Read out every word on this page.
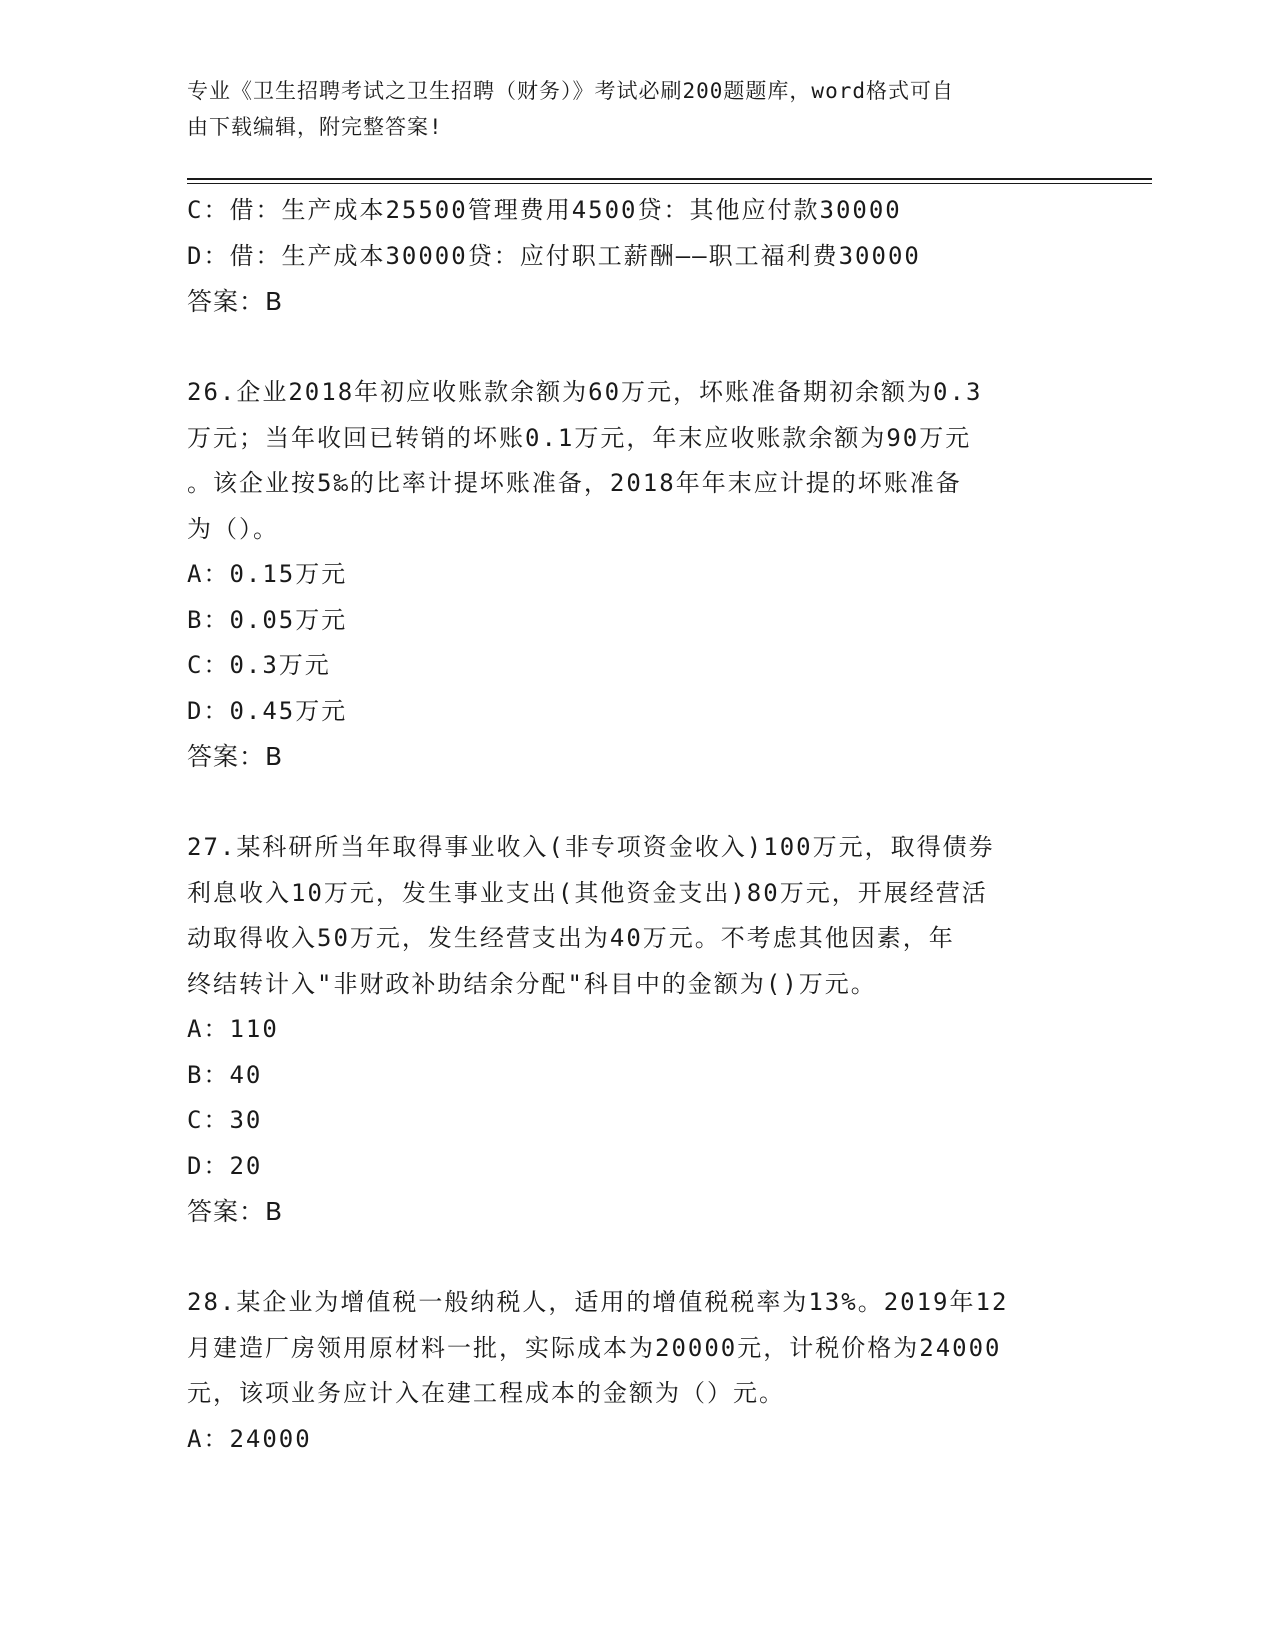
专业《卫生招聘考试之卫生招聘（财务）》考试必刷200题题库，word格式可自
由下载编辑，附完整答案!
C：借：生产成本25500管理费用4500贷：其他应付款30000
D：借：生产成本30000贷：应付职工薪酬——职工福利费30000
答案：B
26.企业2018年初应收账款余额为60万元，坏账准备期初余额为0.3
万元；当年收回已转销的坏账0.1万元，年末应收账款余额为90万元
。该企业按5‰的比率计提坏账准备，2018年年末应计提的坏账准备
为（）。
A：0.15万元
B：0.05万元
C：0.3万元
D：0.45万元
答案：B
27.某科研所当年取得事业收入(非专项资金收入)100万元，取得债券
利息收入10万元，发生事业支出(其他资金支出)80万元，开展经营活
动取得收入50万元，发生经营支出为40万元。不考虑其他因素，年
终结转计入"非财政补助结余分配"科目中的金额为()万元。
A：110
B：40
C：30
D：20
答案：B
28.某企业为增值税一般纳税人，适用的增值税税率为13%。2019年12
月建造厂房领用原材料一批，实际成本为20000元，计税价格为24000
元，该项业务应计入在建工程成本的金额为（）元。
A：24000
